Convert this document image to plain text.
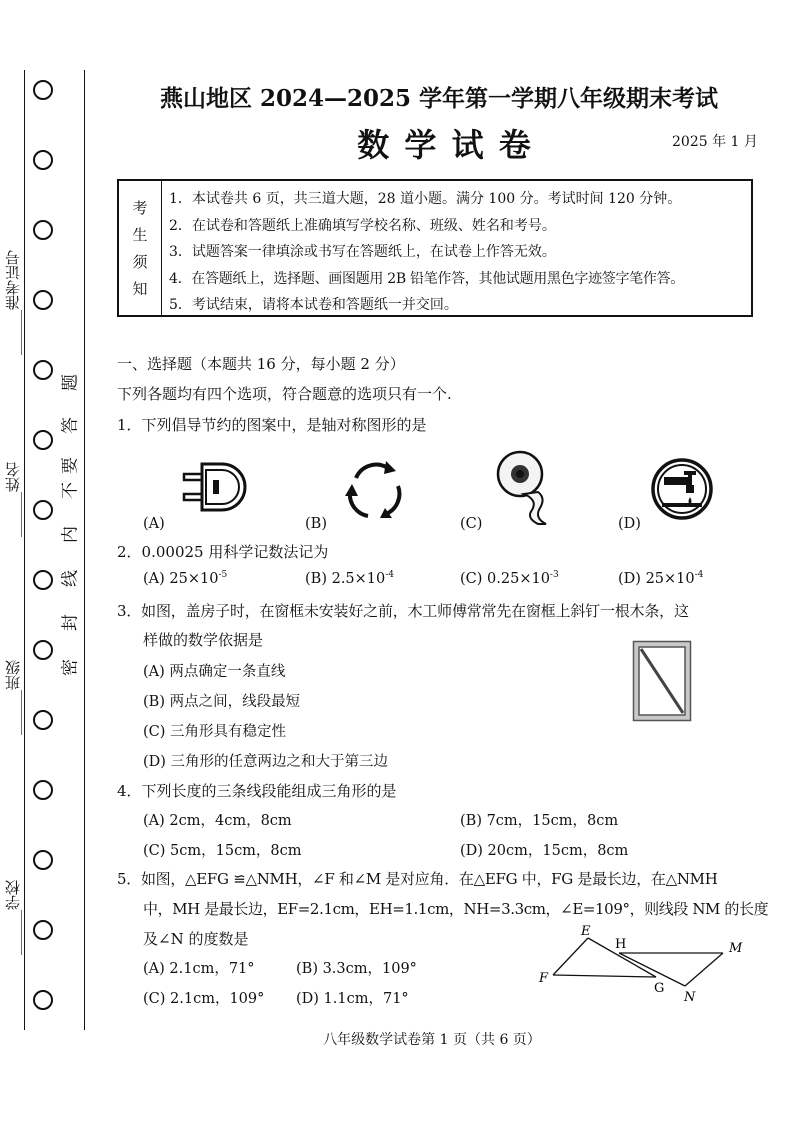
______准考证号
______姓名
______班级
______学校
密
封
线
内
不
要
答
题
燕山地区 2024—2025 学年第一学期八年级期末考试
数 学 试 卷	2025 年 1 月
考
生
须
知
1．本试卷共 6 页，共三道大题，28 道小题。满分 100 分。考试时间 120 分钟。
2．在试卷和答题纸上准确填写学校名称、班级、姓名和考号。
3．试题答案一律填涂或书写在答题纸上，在试卷上作答无效。
4．在答题纸上，选择题、画图题用 2B 铅笔作答，其他试题用黑色字迹签字笔作答。
5．考试结束，请将本试卷和答题纸一并交回。
一、选择题（本题共 16 分，每小题 2 分）
下列各题均有四个选项，符合题意的选项只有一个.
1．下列倡导节约的图案中，是轴对称图形的是
(A)	(B)	(C)	(D)
2．0.00025 用科学记数法记为
(A) $25\times 10^{-5}$	(B) $2.5\times 10^{-4}$	(C) $0.25\times 10^{-3}$	(D) $25\times 10^{-4}$
3．如图，盖房子时，在窗框未安装好之前，木工师傅常常先在窗框上斜钉一根木条，这
样做的数学依据是
(A) 两点确定一条直线
(B) 两点之间，线段最短
(C) 三角形具有稳定性
(D) 三角形的任意两边之和大于第三边
4．下列长度的三条线段能组成三角形的是
(A) 2cm，4cm，8cm	(B) 7cm，15cm，8cm
(C) 5cm，15cm，8cm	(D) 20cm，15cm，8cm
5．如图，△EFG ≌△NMH，∠F 和∠M 是对应角．在△EFG 中，FG 是最长边，在△NMH
中，MH 是最长边，EF=2.1cm，EH=1.1cm，NH=3.3cm，∠E=109°，则线段 NM 的长度
及∠N 的度数是
(A) 2.1cm，71°	(B) 3.3cm，109°
(C) 2.1cm，109° (D) 1.1cm，71°
E
H	M
F
G
N
八年级数学试卷第 1 页（共 6 页）
